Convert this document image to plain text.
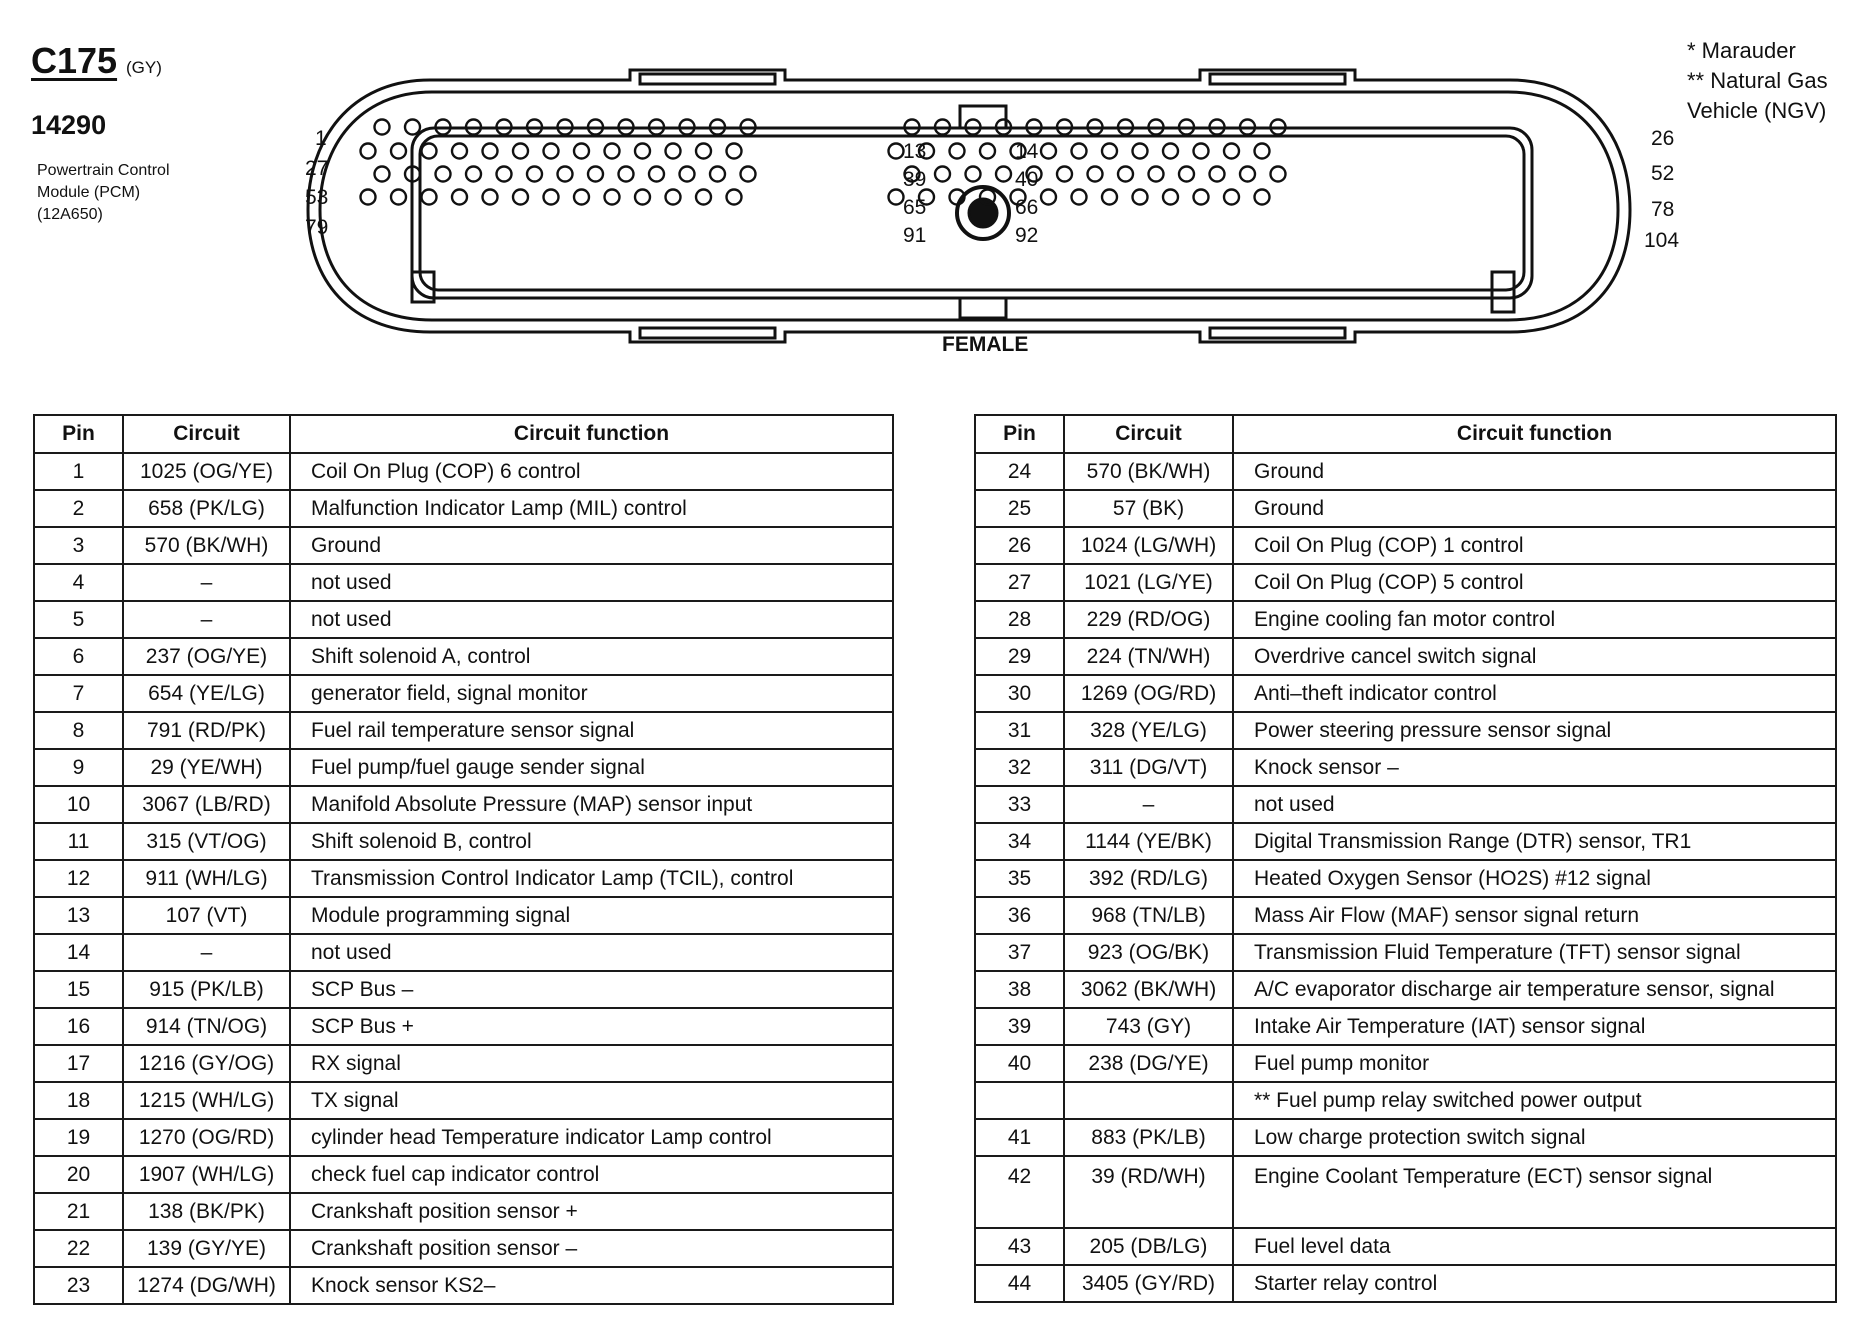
C175 (GY)
14290
Powertrain Control
Module (PCM)
(12A650)
* Marauder
** Natural Gas
Vehicle (NGV)
1
27
53
79
13
39
65
91
14
40
66
92
26
52
78
104
FEMALE
Pin	Circuit	Circuit function
1	1025 (OG/YE)	Coil On Plug (COP) 6 control
2	658 (PK/LG)	Malfunction Indicator Lamp (MIL) control
3	570 (BK/WH)	Ground
4	–	not used
5	–	not used
6	237 (OG/YE)	Shift solenoid A, control
7	654 (YE/LG)	generator field, signal monitor
8	791 (RD/PK)	Fuel rail temperature sensor signal
9	29 (YE/WH)	Fuel pump/fuel gauge sender signal
10	3067 (LB/RD)	Manifold Absolute Pressure (MAP) sensor input
11	315 (VT/OG)	Shift solenoid B, control
12	911 (WH/LG)	Transmission Control Indicator Lamp (TCIL), control
13	107 (VT)	Module programming signal
14	–	not used
15	915 (PK/LB)	SCP Bus –
16	914 (TN/OG)	SCP Bus +
17	1216 (GY/OG)	RX signal
18	1215 (WH/LG)	TX signal
19	1270 (OG/RD)	cylinder head Temperature indicator Lamp control
20	1907 (WH/LG)	check fuel cap indicator control
21	138 (BK/PK)	Crankshaft position sensor +
22	139 (GY/YE)	Crankshaft position sensor –
23	1274 (DG/WH)	Knock sensor KS2–
Pin	Circuit	Circuit function
24	570 (BK/WH)	Ground
25	57 (BK)	Ground
26	1024 (LG/WH)	Coil On Plug (COP) 1 control
27	1021 (LG/YE)	Coil On Plug (COP) 5 control
28	229 (RD/OG)	Engine cooling fan motor control
29	224 (TN/WH)	Overdrive cancel switch signal
30	1269 (OG/RD)	Anti–theft indicator control
31	328 (YE/LG)	Power steering pressure sensor signal
32	311 (DG/VT)	Knock sensor –
33	–	not used
34	1144 (YE/BK)	Digital Transmission Range (DTR) sensor, TR1
35	392 (RD/LG)	Heated Oxygen Sensor (HO2S) #12 signal
36	968 (TN/LB)	Mass Air Flow (MAF) sensor signal return
37	923 (OG/BK)	Transmission Fluid Temperature (TFT) sensor signal
38	3062 (BK/WH)	A/C evaporator discharge air temperature sensor, signal
39	743 (GY)	Intake Air Temperature (IAT) sensor signal
40	238 (DG/YE)	Fuel pump monitor
		** Fuel pump relay switched power output
41	883 (PK/LB)	Low charge protection switch signal
42	39 (RD/WH)	Engine Coolant Temperature (ECT) sensor signal
43	205 (DB/LG)	Fuel level data
44	3405 (GY/RD)	Starter relay control
